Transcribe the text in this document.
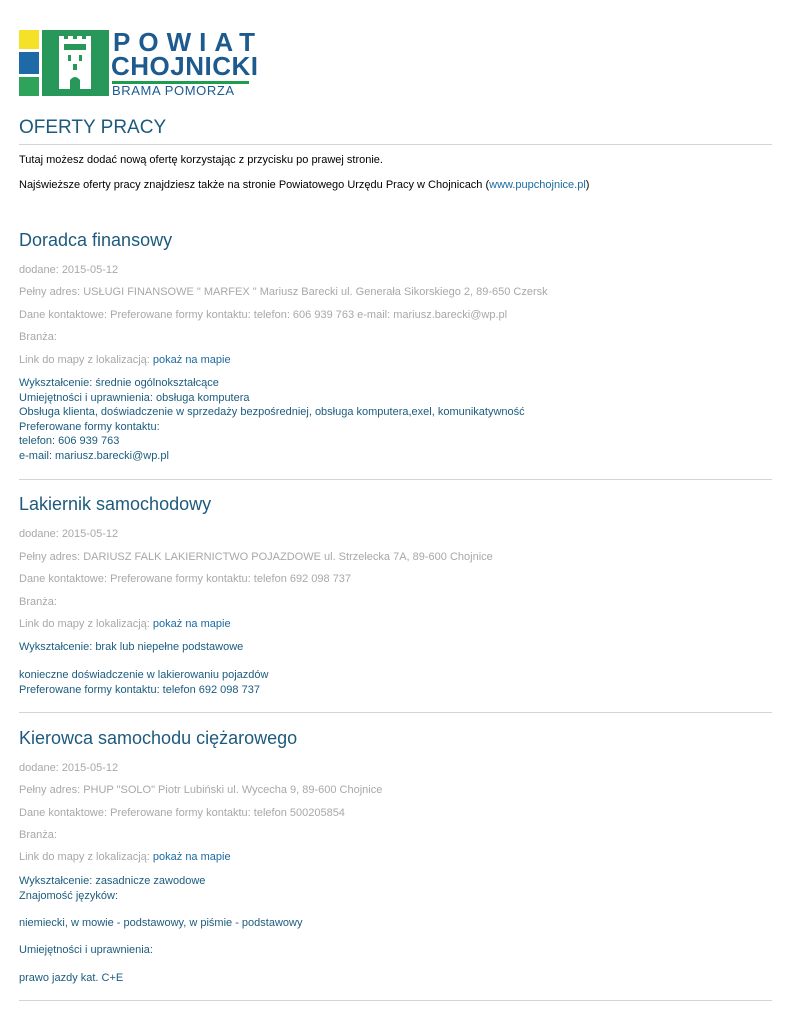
POWIAT
CHOJNICKI
BRAMA POMORZA
OFERTY PRACY
Tutaj możesz dodać nową ofertę korzystając z przycisku po prawej stronie.
Najświeższe oferty pracy znajdziesz także na stronie Powiatowego Urzędu Pracy w Chojnicach (www.pupchojnice.pl)
Doradca finansowy
dodane: 2015-05-12
Pełny adres: USŁUGI FINANSOWE " MARFEX " Mariusz Barecki ul. Generała Sikorskiego 2, 89-650 Czersk
Dane kontaktowe: Preferowane formy kontaktu: telefon: 606 939 763 e-mail: mariusz.barecki@wp.pl
Branża:
Link do mapy z lokalizacją: pokaż na mapie
Wykształcenie: średnie ogólnokształcące
Umiejętności i uprawnienia: obsługa komputera
Obsługa klienta, doświadczenie w sprzedaży bezpośredniej, obsługa komputera,exel, komunikatywność
Preferowane formy kontaktu:
telefon: 606 939 763
e-mail: mariusz.barecki@wp.pl
Lakiernik samochodowy
dodane: 2015-05-12
Pełny adres: DARIUSZ FALK LAKIERNICTWO POJAZDOWE ul. Strzelecka 7A, 89-600 Chojnice
Dane kontaktowe: Preferowane formy kontaktu: telefon 692 098 737
Branża:
Link do mapy z lokalizacją: pokaż na mapie
Wykształcenie: brak lub niepełne podstawowe
konieczne doświadczenie w lakierowaniu pojazdów
Preferowane formy kontaktu: telefon 692 098 737
Kierowca samochodu ciężarowego
dodane: 2015-05-12
Pełny adres: PHUP "SOLO" Piotr Lubiński ul. Wycecha 9, 89-600 Chojnice
Dane kontaktowe: Preferowane formy kontaktu: telefon 500205854
Branża:
Link do mapy z lokalizacją: pokaż na mapie
Wykształcenie: zasadnicze zawodowe
Znajomość języków:
niemiecki, w mowie - podstawowy, w piśmie - podstawowy
Umiejętności i uprawnienia:
prawo jazdy kat. C+E
